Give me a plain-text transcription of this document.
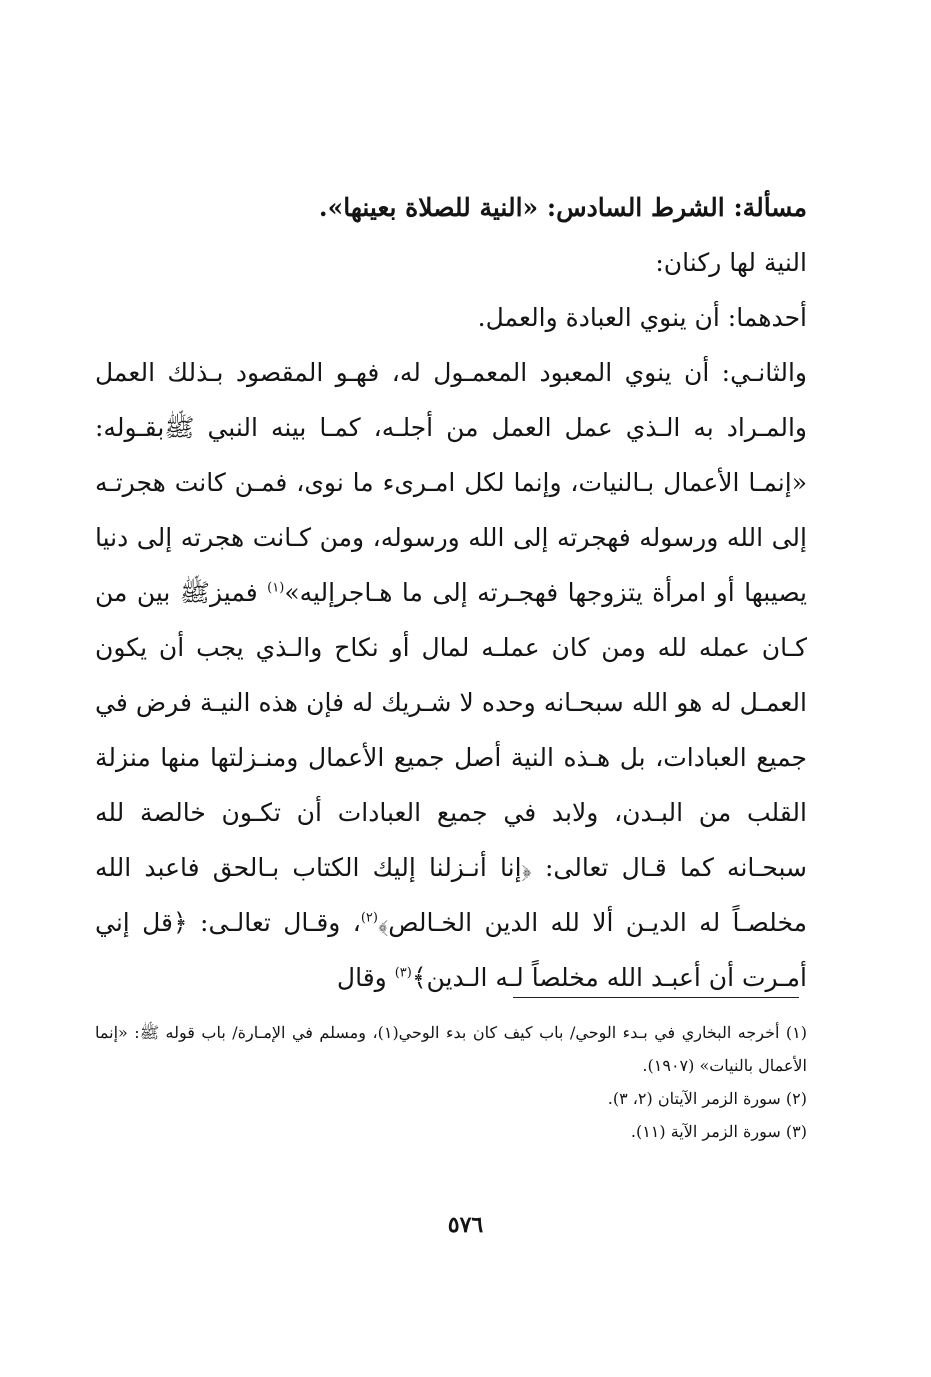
مسألة: الشرط السادس: «النية للصلاة بعينها».

النية لها ركنان:

أحدهما: أن ينوي العبادة والعمل.

والثانـي: أن ينوي المعبود المعمـول له، فهـو المقصود بـذلك العمل والمـراد به الـذي عمل العمل من أجلـه، كمـا بينه النبي ﷺبقـوله: «إنمـا الأعمال بـالنيات، وإنما لكل امـرىء ما نوى، فمـن كانت هجرتـه إلى الله ورسوله فهجرته إلى الله ورسوله، ومن كـانت هجرته إلى دنيا يصيبها أو امرأة يتزوجها فهجـرته إلى ما هـاجرإليه»$^{(١)}$ فميزﷺ بين من كـان عمله لله ومن كان عملـه لمال أو نكاح والـذي يجب أن يكون العمـل له هو الله سبحـانه وحده لا شـريك له فإن هذه النيـة فرض في جميع العبادات، بل هـذه النية أصل جميع الأعمال ومنـزلتها منها منزلة القلب من البـدن، ولابد في جميع العبادات أن تكـون خالصة لله سبحـانه كما قـال تعالى: ﴿إنا أنـزلنا إليك الكتاب بـالحق فاعبد الله مخلصـاً له الديـن ألا لله الدين الخـالص﴾$^{(٢)}$، وقـال تعالـى: ﴿قل إني أمـرت أن أعبـد الله مخلصاً لـه الـدين﴾$^{(٣)}$ وقال

(١) أخرجه البخاري في بـدء الوحي/ باب كيف كان بدء الوحي(١)، ومسلم في الإمـارة/ باب قوله ﷺ: «إنما الأعمال بالنيات» (١٩٠٧).

(٢) سورة الزمر الآيتان (٢، ٣).

(٣) سورة الزمر الآية (١١).

٥٧٦
